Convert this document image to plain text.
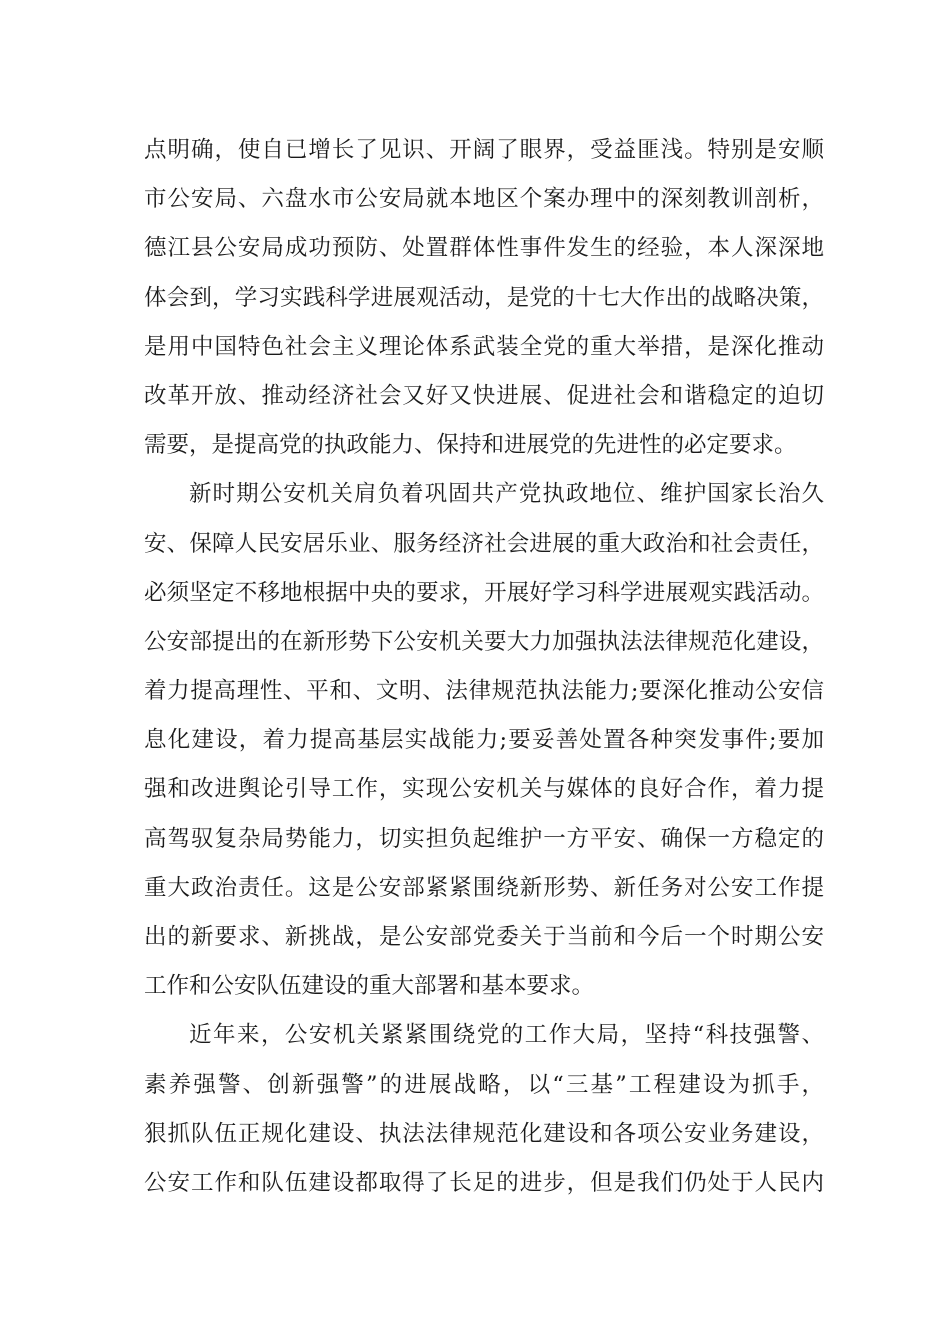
点明确，使自已增长了见识、开阔了眼界，受益匪浅。特别是安顺
市公安局、六盘水市公安局就本地区个案办理中的深刻教训剖析，
德江县公安局成功预防、处置群体性事件发生的经验，本人深深地
体会到，学习实践科学进展观活动，是党的十七大作出的战略决策，
是用中国特色社会主义理论体系武装全党的重大举措，是深化推动
改革开放、推动经济社会又好又快进展、促进社会和谐稳定的迫切
需要，是提高党的执政能力、保持和进展党的先进性的必定要求。
新时期公安机关肩负着巩固共产党执政地位、维护国家长治久
安、保障人民安居乐业、服务经济社会进展的重大政治和社会责任，
必须坚定不移地根据中央的要求，开展好学习科学进展观实践活动。
公安部提出的在新形势下公安机关要大力加强执法法律规范化建设，
着力提高理性、平和、文明、法律规范执法能力;要深化推动公安信
息化建设，着力提高基层实战能力;要妥善处置各种突发事件;要加
强和改进舆论引导工作，实现公安机关与媒体的良好合作，着力提
高驾驭复杂局势能力，切实担负起维护一方平安、确保一方稳定的
重大政治责任。这是公安部紧紧围绕新形势、新任务对公安工作提
出的新要求、新挑战，是公安部党委关于当前和今后一个时期公安
工作和公安队伍建设的重大部署和基本要求。
近年来，公安机关紧紧围绕党的工作大局，坚持“科技强警、
素养强警、创新强警”的进展战略，以“三基”工程建设为抓手，
狠抓队伍正规化建设、执法法律规范化建设和各项公安业务建设，
公安工作和队伍建设都取得了长足的进步，但是我们仍处于人民内
